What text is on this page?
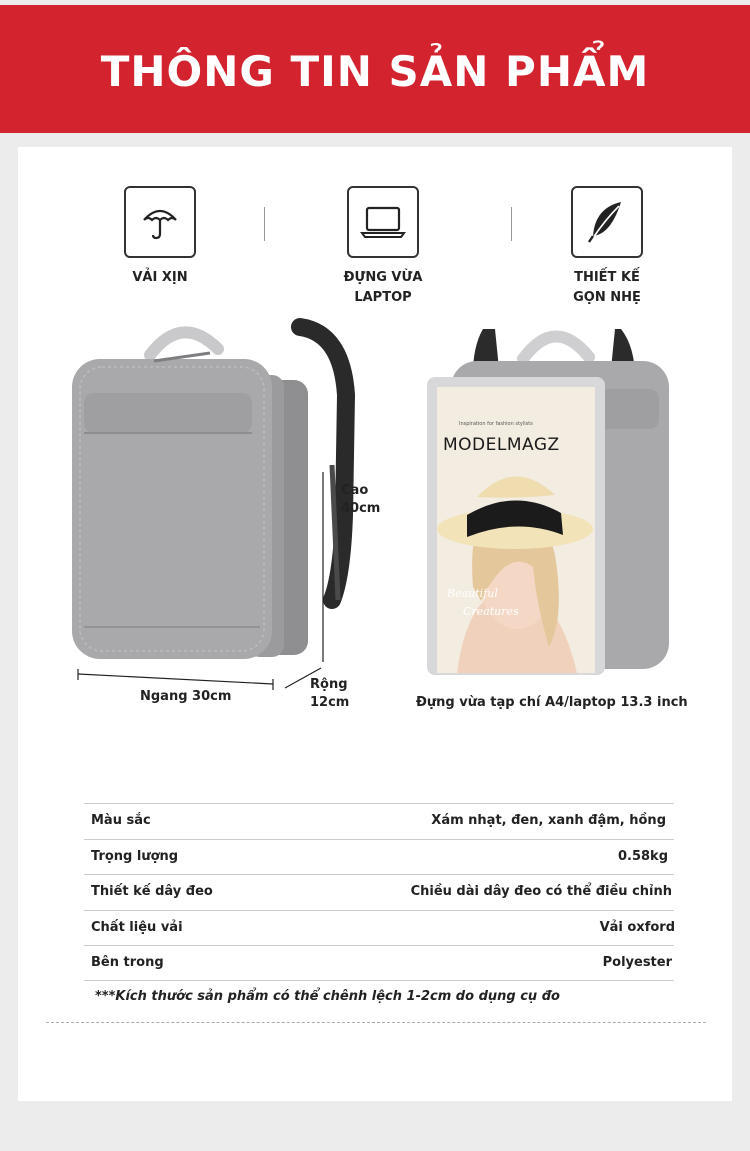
THÔNG TIN SẢN PHẨM
VẢI XỊN	ĐỰNG VỪA
LAPTOP
THIẾT KẾ
GỌN NHẸ
Cao
40cm
Ngang 30cm
Rộng
12cm
Beautiful
Creatures
MODELMAGZ
Inspiration for fashion stylists
Đựng vừa tạp chí A4/laptop 13.3 inch
Màu sắc	Xám nhạt, đen, xanh đậm, hồng
Trọng lượng	0.58kg
Thiết kế dây đeo	Chiều dài dây đeo có thể điều chỉnh
Chất liệu vải	Vải oxford
Bên trong	Polyester
***Kích thước sản phẩm có thể chênh lệch 1-2cm do dụng cụ đo
